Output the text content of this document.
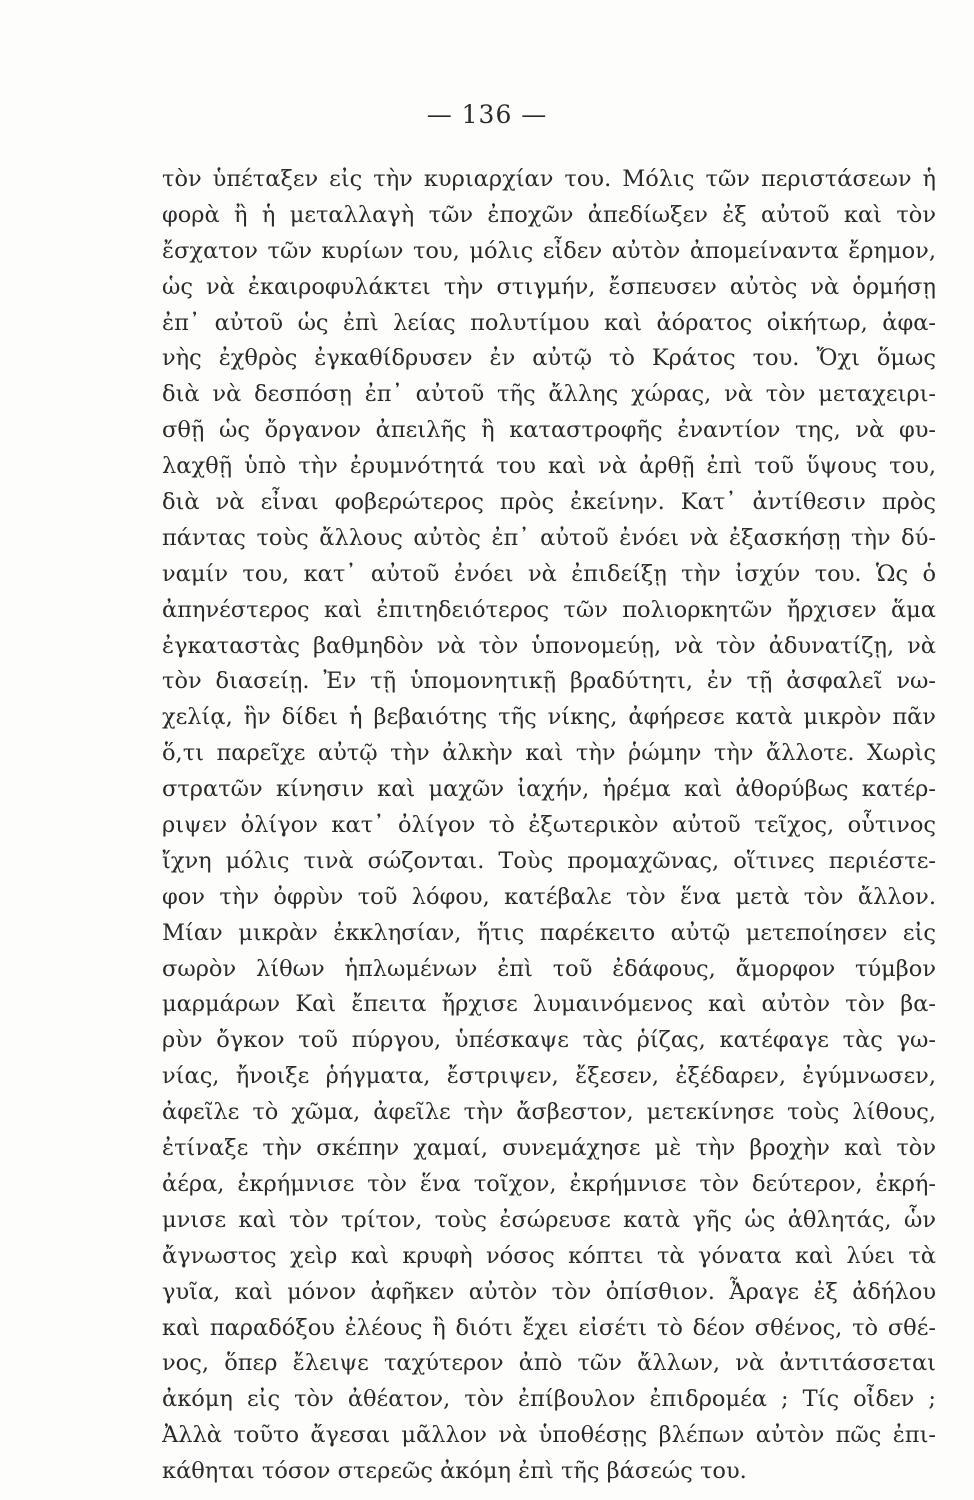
— 136 —
τὸν ὑπέταξεν εἰς τὴν κυριαρχίαν του. Μόλις τῶν περιστάσεων ἡ
φορὰ ἢ ἡ μεταλλαγὴ τῶν ἐποχῶν ἀπεδίωξεν ἐξ αὐτοῦ καὶ τὸν
ἔσχατον τῶν κυρίων του, μόλις εἶδεν αὐτὸν ἀπομείναντα ἔρημον,
ὡς νὰ ἐκαιροφυλάκτει τὴν στιγμήν, ἔσπευσεν αὐτὸς νὰ ὁρμήσῃ
ἐπ᾽ αὐτοῦ ὡς ἐπὶ λείας πολυτίμου καὶ ἀόρατος οἰκήτωρ, ἀφα-
νὴς ἐχθρὸς ἐγκαθίδρυσεν ἐν αὐτῷ τὸ Κράτος του. Ὄχι ὅμως
διὰ νὰ δεσπόσῃ ἐπ᾽ αὐτοῦ τῆς ἄλλης χώρας, νὰ τὸν μεταχειρι-
σθῇ ὡς ὄργανον ἀπειλῆς ἢ καταστροφῆς ἐναντίον της, νὰ φυ-
λαχθῇ ὑπὸ τὴν ἐρυμνότητά του καὶ νὰ ἀρθῇ ἐπὶ τοῦ ὕψους του,
διὰ νὰ εἶναι φοβερώτερος πρὸς ἐκείνην. Κατ᾽ ἀντίθεσιν πρὸς
πάντας τοὺς ἄλλους αὐτὸς ἐπ᾽ αὐτοῦ ἐνόει νὰ ἐξασκήσῃ τὴν δύ-
ναμίν του, κατ᾽ αὐτοῦ ἐνόει νὰ ἐπιδείξῃ τὴν ἰσχύν του. Ὡς ὁ
ἀπηνέστερος καὶ ἐπιτηδειότερος τῶν πολιορκητῶν ἤρχισεν ἅμα
ἐγκαταστὰς βαθμηδὸν νὰ τὸν ὑπονομεύῃ, νὰ τὸν ἀδυνατίζῃ, νὰ
τὸν διασείῃ. Ἐν τῇ ὑπομονητικῇ βραδύτητι, ἐν τῇ ἀσφαλεῖ νω-
χελίᾳ, ἣν δίδει ἡ βεβαιότης τῆς νίκης, ἀφήρεσε κατὰ μικρὸν πᾶν
ὅ,τι παρεῖχε αὐτῷ τὴν ἀλκὴν καὶ τὴν ῥώμην τὴν ἄλλοτε. Χωρὶς
στρατῶν κίνησιν καὶ μαχῶν ἰαχήν, ἠρέμα καὶ ἀθορύβως κατέρ-
ριψεν ὀλίγον κατ᾽ ὀλίγον τὸ ἐξωτερικὸν αὐτοῦ τεῖχος, οὗτινος
ἴχνη μόλις τινὰ σώζονται. Τοὺς προμαχῶνας, οἵτινες περιέστε-
φον τὴν ὀφρὺν τοῦ λόφου, κατέβαλε τὸν ἕνα μετὰ τὸν ἄλλον.
Μίαν μικρὰν ἐκκλησίαν, ἥτις παρέκειτο αὐτῷ μετεποίησεν εἰς
σωρὸν λίθων ἡπλωμένων ἐπὶ τοῦ ἐδάφους, ἄμορφον τύμβον
μαρμάρων Καὶ ἔπειτα ἤρχισε λυμαινόμενος καὶ αὐτὸν τὸν βα-
ρὺν ὄγκον τοῦ πύργου, ὑπέσκαψε τὰς ῥίζας, κατέφαγε τὰς γω-
νίας, ἤνοιξε ῥήγματα, ἔστριψεν, ἔξεσεν, ἐξέδαρεν, ἐγύμνωσεν,
ἀφεῖλε τὸ χῶμα, ἀφεῖλε τὴν ἄσβεστον, μετεκίνησε τοὺς λίθους,
ἐτίναξε τὴν σκέπην χαμαί, συνεμάχησε μὲ τὴν βροχὴν καὶ τὸν
ἀέρα, ἐκρήμνισε τὸν ἕνα τοῖχον, ἐκρήμνισε τὸν δεύτερον, ἐκρή-
μνισε καὶ τὸν τρίτον, τοὺς ἐσώρευσε κατὰ γῆς ὡς ἀθλητάς, ὧν
ἄγνωστος χεὶρ καὶ κρυφὴ νόσος κόπτει τὰ γόνατα καὶ λύει τὰ
γυῖα, καὶ μόνον ἀφῆκεν αὐτὸν τὸν ὀπίσθιον. Ἆραγε ἐξ ἀδήλου
καὶ παραδόξου ἐλέους ἢ διότι ἔχει εἰσέτι τὸ δέον σθένος, τὸ σθέ-
νος, ὅπερ ἔλειψε ταχύτερον ἀπὸ τῶν ἄλλων, νὰ ἀντιτάσσεται
ἀκόμη εἰς τὸν ἀθέατον, τὸν ἐπίβουλον ἐπιδρομέα ; Τίς οἶδεν ;
Ἀλλὰ τοῦτο ἄγεσαι μᾶλλον νὰ ὑποθέσῃς βλέπων αὐτὸν πῶς ἐπι-
κάθηται τόσον στερεῶς ἀκόμη ἐπὶ τῆς βάσεώς του.
